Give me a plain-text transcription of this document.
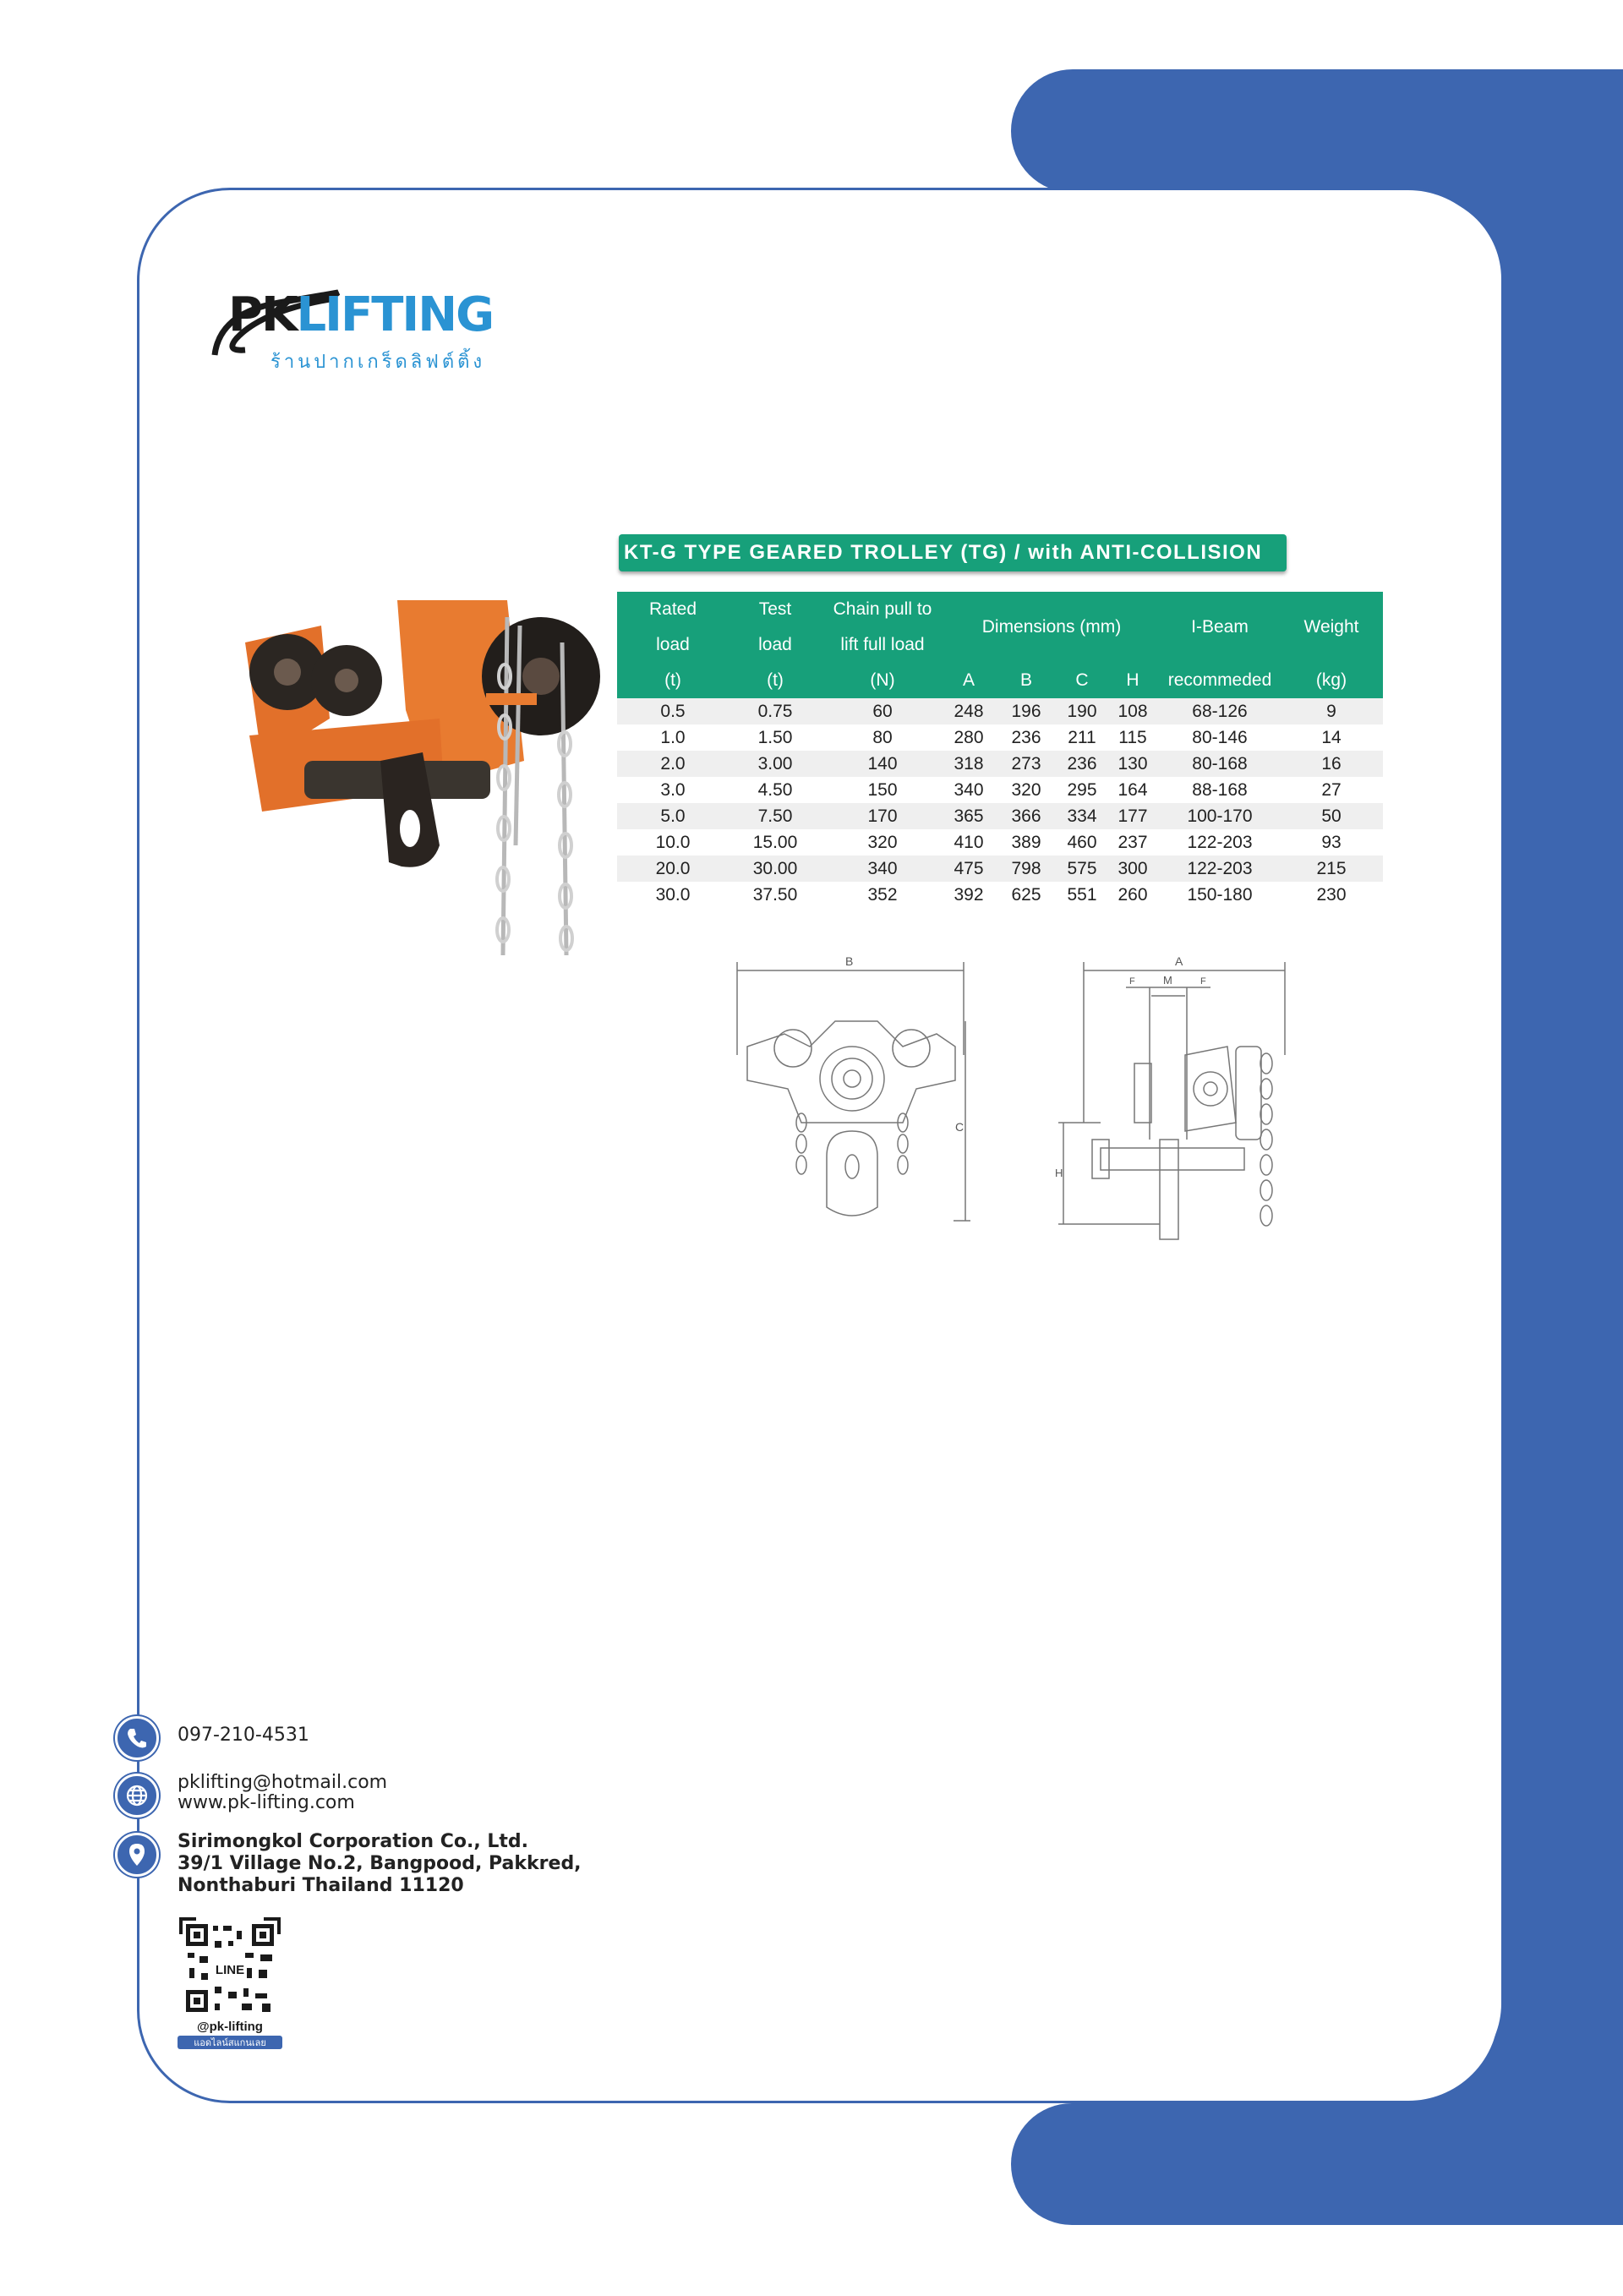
PKLIFTING
ร้านปากเกร็ดลิฟต์ติ้ง
KT-G TYPE GEARED TROLLEY (TG) / with ANTI-COLLISION
Rated	Test	Chain pull to	Dimensions (mm)				I-Beam	Weight
load	load	lift full load						
(t)	(t)	(N)	A	B	C	H	recommeded	(kg)
0.5	0.75	60	248	196	190	108	68-126	9
1.0	1.50	80	280	236	211	115	80-146	14
2.0	3.00	140	318	273	236	130	80-168	16
3.0	4.50	150	340	320	295	164	88-168	27
5.0	7.50	170	365	366	334	177	100-170	50
10.0	15.00	320	410	389	460	237	122-203	93
20.0	30.00	340	475	798	575	300	122-203	215
30.0	37.50	352	392	625	551	260	150-180	230
B
C
A
M
F	F
H
097-210-4531
pklifting@hotmail.com
www.pk-lifting.com
Sirimongkol Corporation Co., Ltd.
39/1 Village No.2, Bangpood, Pakkred,
Nonthaburi Thailand 11120
LINE
@pk-lifting
แอดไลน์สแกนเลย
